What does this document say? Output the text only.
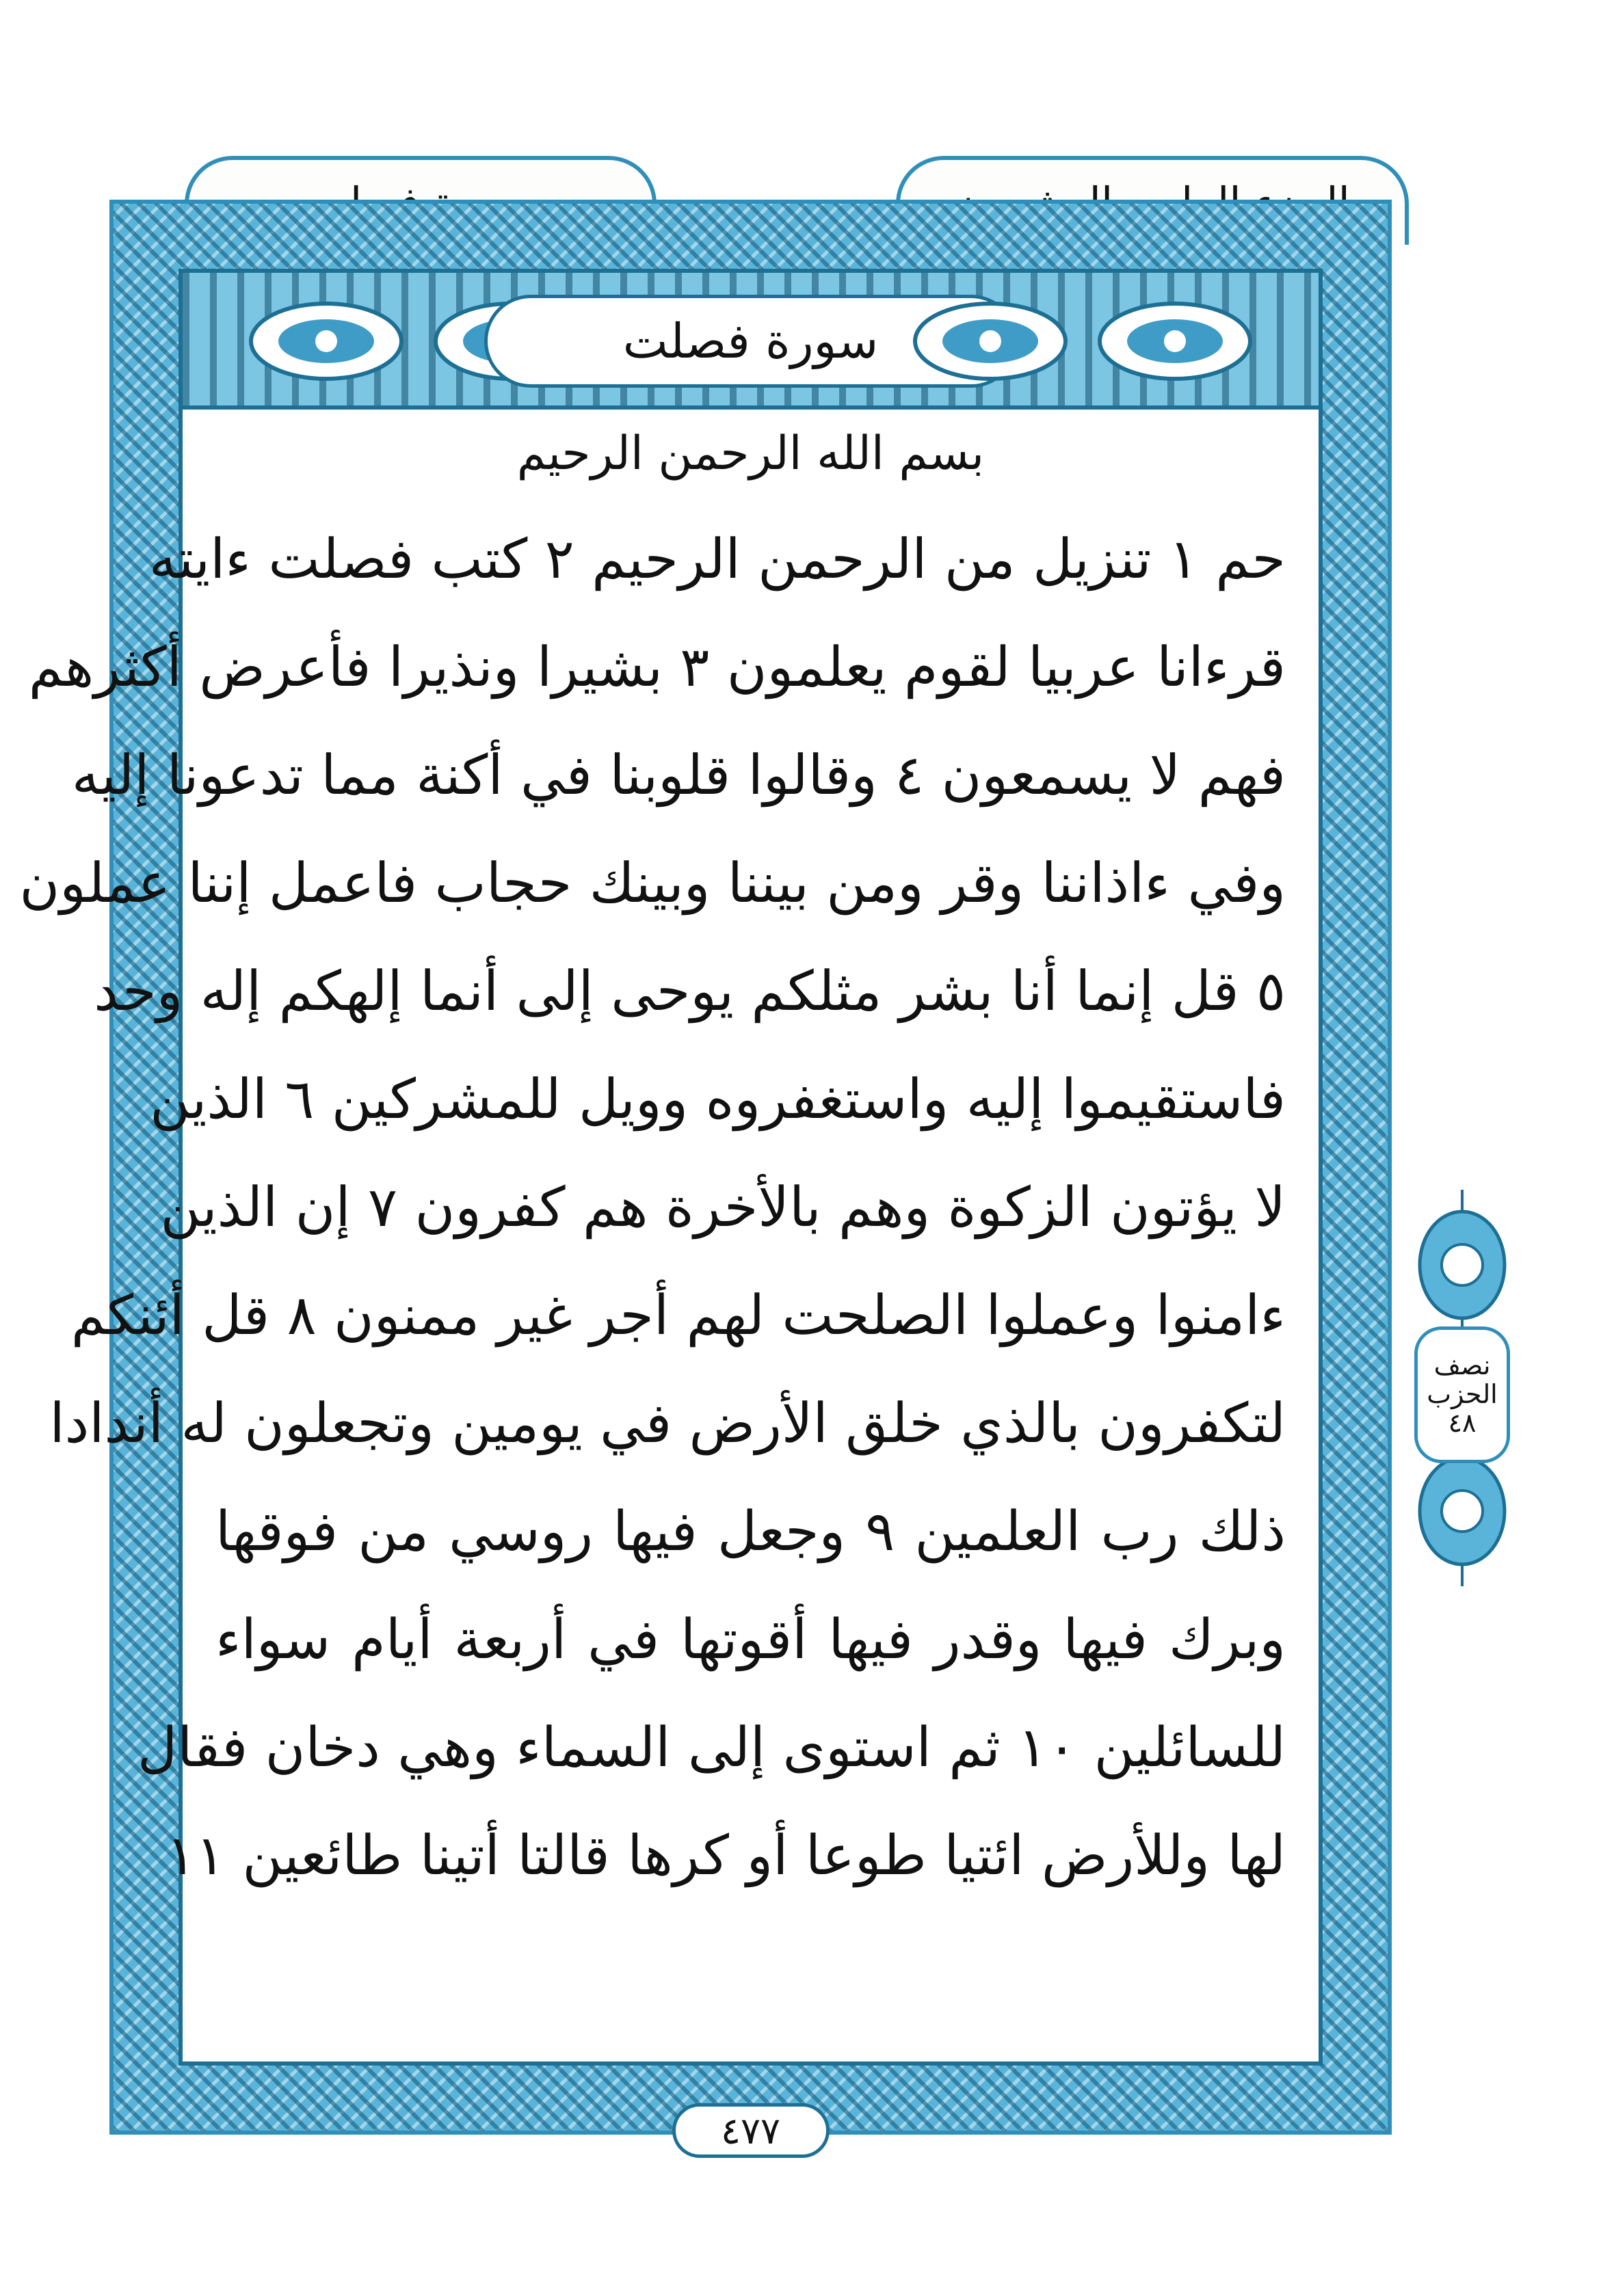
سورة فصلت
بسم الله الرحمن الرحيم
حم ١ تنزيل من الرحمن الرحيم ٢ كتب فصلت ءايته
قرءانا عربيا لقوم يعلمون ٣ بشيرا ونذيرا فأعرض أكثرهم
فهم لا يسمعون ٤ وقالوا قلوبنا في أكنة مما تدعونا إليه
وفي ءاذاننا وقر ومن بيننا وبينك حجاب فاعمل إننا عملون
٥ قل إنما أنا بشر مثلكم يوحى إلى أنما إلهكم إله وحد
فاستقيموا إليه واستغفروه وويل للمشركين ٦ الذين
لا يؤتون الزكوة وهم بالأخرة هم كفرون ٧ إن الذين
ءامنوا وعملوا الصلحت لهم أجر غير ممنون ٨ قل أئنكم
لتكفرون بالذي خلق الأرض في يومين وتجعلون له أندادا
ذلك رب العلمين ٩ وجعل فيها روسي من فوقها
وبرك فيها وقدر فيها أقوتها في أربعة أيام سواء
للسائلين ١٠ ثم استوى إلى السماء وهي دخان فقال
لها وللأرض ائتيا طوعا أو كرها قالتا أتينا طائعين ١١
٤٧٧
نصف
الحزب
٤٨
